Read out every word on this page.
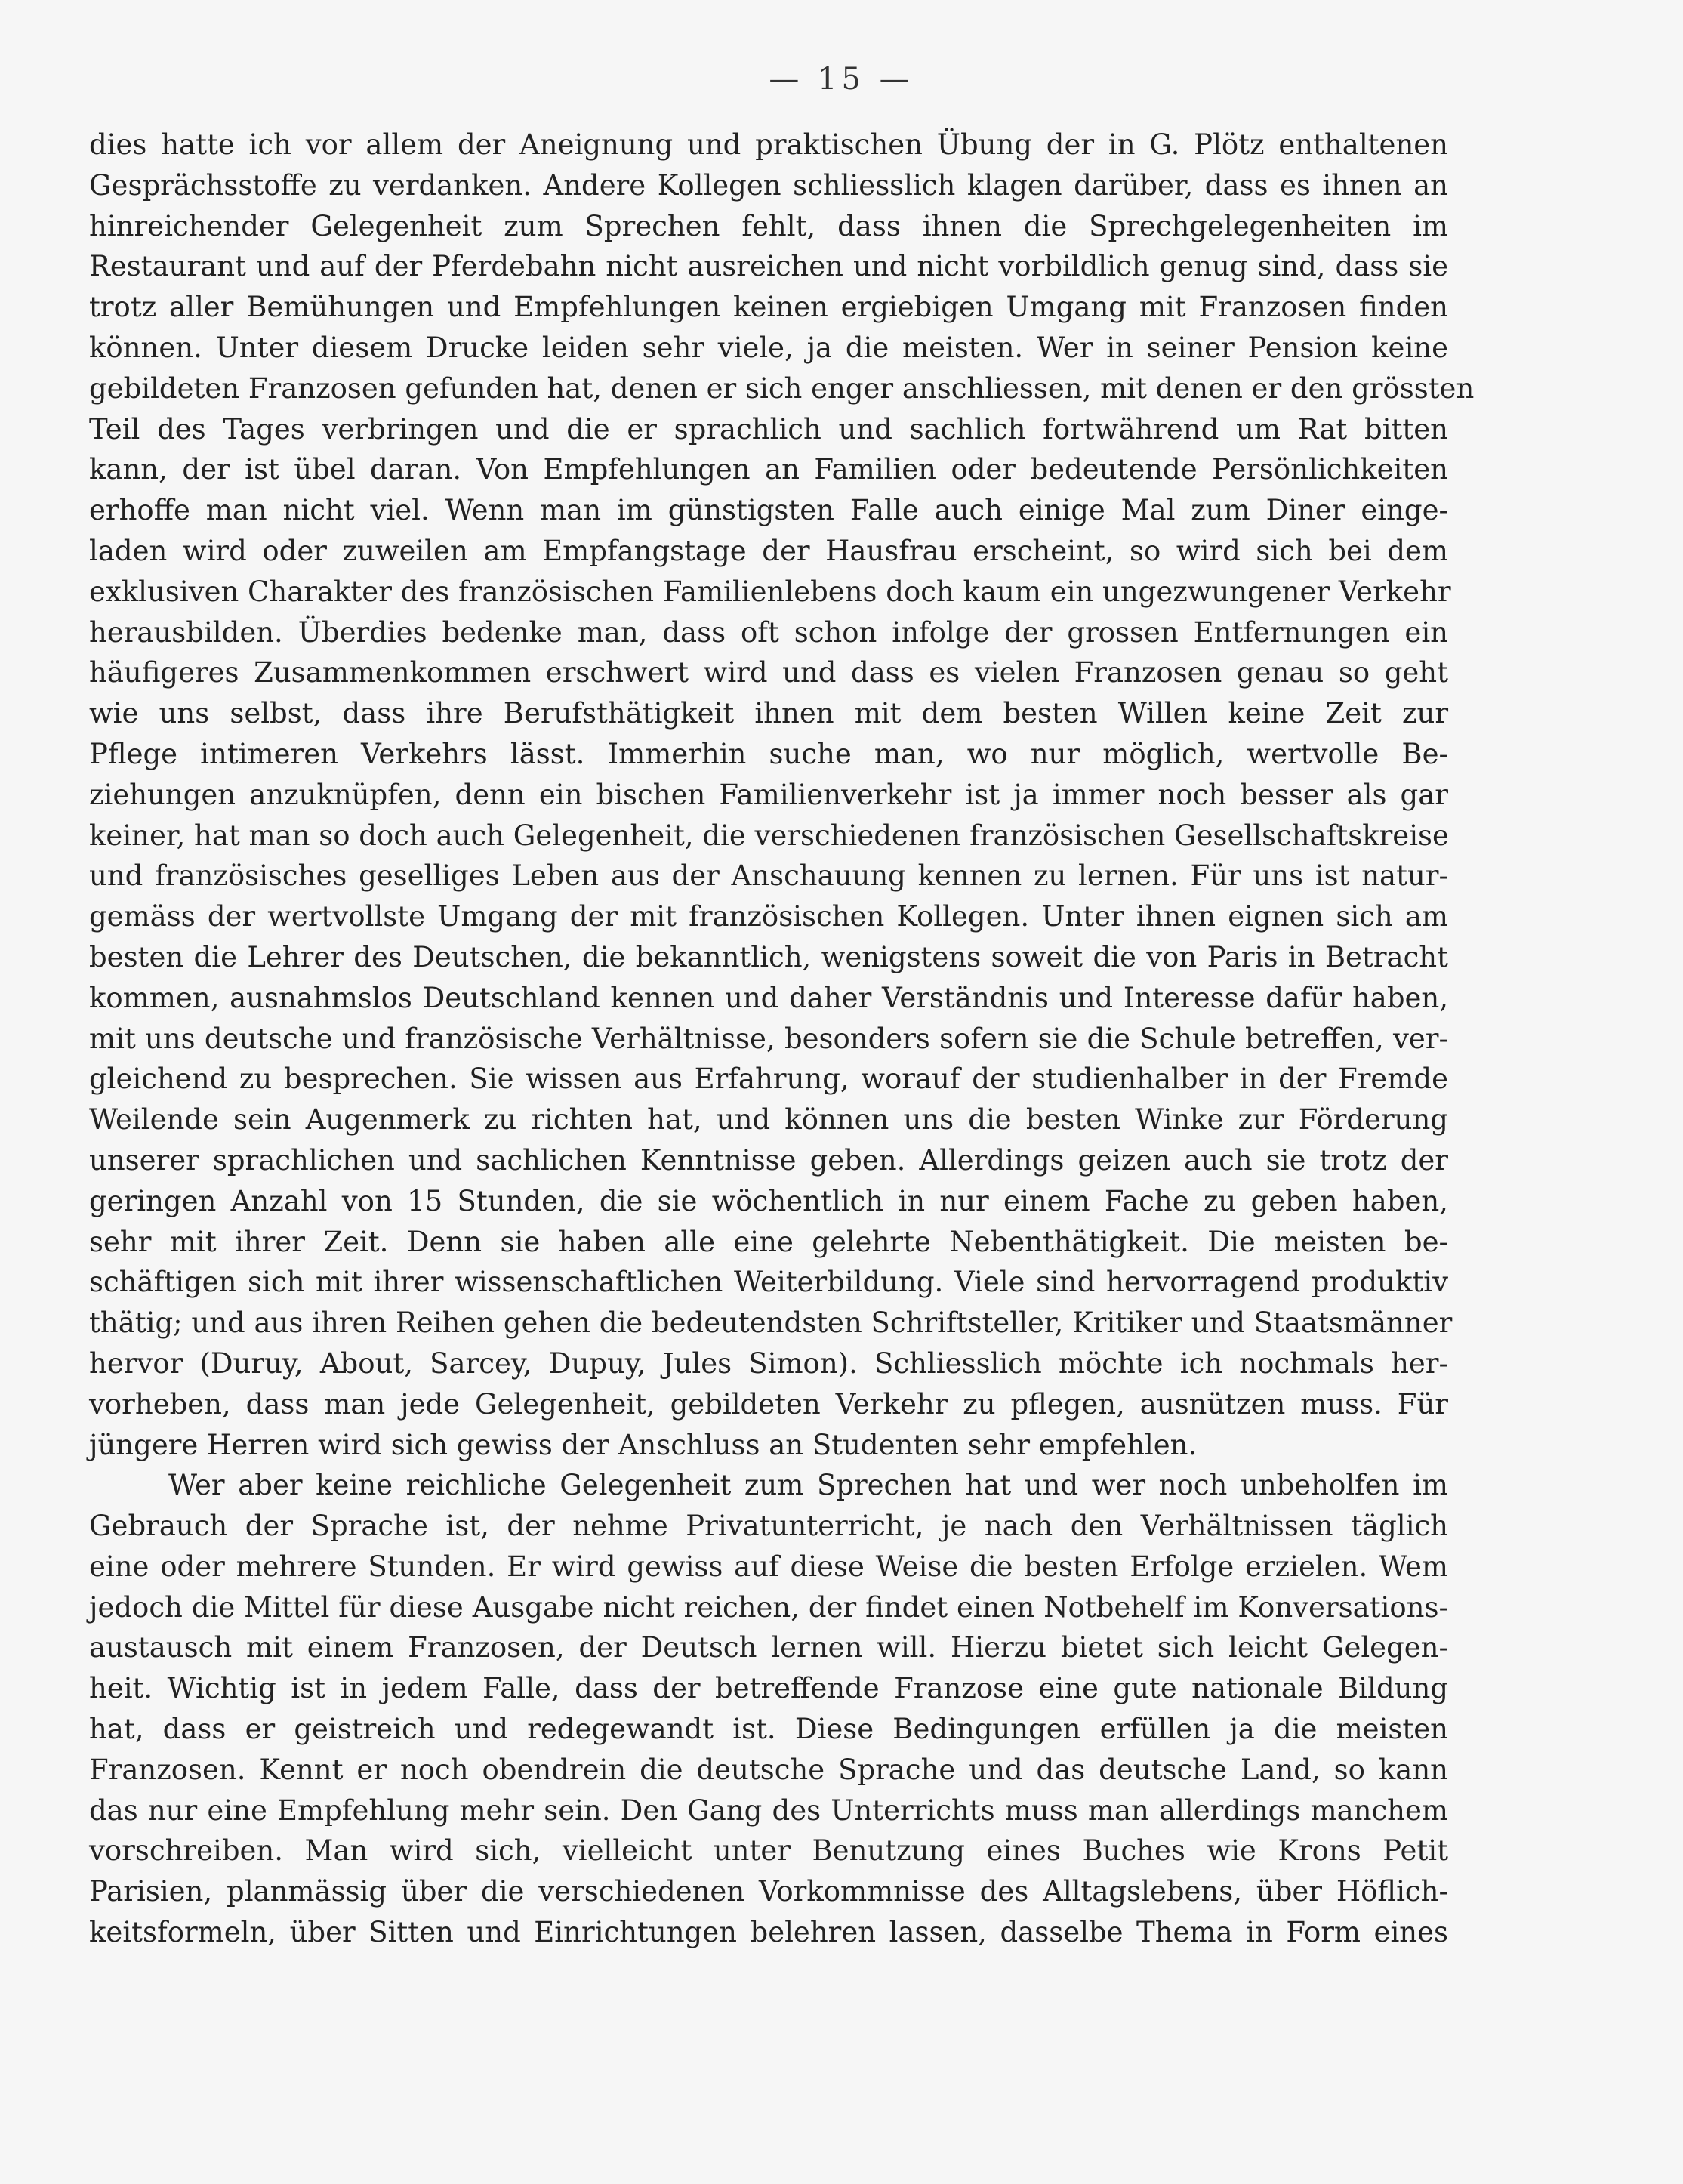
— 15 —
dies hatte ich vor allem der Aneignung und praktischen Übung der in G. Plötz enthaltenen
Gesprächsstoffe zu verdanken. Andere Kollegen schliesslich klagen darüber, dass es ihnen an
hinreichender Gelegenheit zum Sprechen fehlt, dass ihnen die Sprechgelegenheiten im
Restaurant und auf der Pferdebahn nicht ausreichen und nicht vorbildlich genug sind, dass sie
trotz aller Bemühungen und Empfehlungen keinen ergiebigen Umgang mit Franzosen finden
können. Unter diesem Drucke leiden sehr viele, ja die meisten. Wer in seiner Pension keine
gebildeten Franzosen gefunden hat, denen er sich enger anschliessen, mit denen er den grössten
Teil des Tages verbringen und die er sprachlich und sachlich fortwährend um Rat bitten
kann, der ist übel daran. Von Empfehlungen an Familien oder bedeutende Persönlichkeiten
erhoffe man nicht viel. Wenn man im günstigsten Falle auch einige Mal zum Diner einge-
laden wird oder zuweilen am Empfangstage der Hausfrau erscheint, so wird sich bei dem
exklusiven Charakter des französischen Familienlebens doch kaum ein ungezwungener Verkehr
herausbilden. Überdies bedenke man, dass oft schon infolge der grossen Entfernungen ein
häufigeres Zusammenkommen erschwert wird und dass es vielen Franzosen genau so geht
wie uns selbst, dass ihre Berufsthätigkeit ihnen mit dem besten Willen keine Zeit zur
Pflege intimeren Verkehrs lässt. Immerhin suche man, wo nur möglich, wertvolle Be-
ziehungen anzuknüpfen, denn ein bischen Familienverkehr ist ja immer noch besser als gar
keiner, hat man so doch auch Gelegenheit, die verschiedenen französischen Gesellschaftskreise
und französisches geselliges Leben aus der Anschauung kennen zu lernen. Für uns ist natur-
gemäss der wertvollste Umgang der mit französischen Kollegen. Unter ihnen eignen sich am
besten die Lehrer des Deutschen, die bekanntlich, wenigstens soweit die von Paris in Betracht
kommen, ausnahmslos Deutschland kennen und daher Verständnis und Interesse dafür haben,
mit uns deutsche und französische Verhältnisse, besonders sofern sie die Schule betreffen, ver-
gleichend zu besprechen. Sie wissen aus Erfahrung, worauf der studienhalber in der Fremde
Weilende sein Augenmerk zu richten hat, und können uns die besten Winke zur Förderung
unserer sprachlichen und sachlichen Kenntnisse geben. Allerdings geizen auch sie trotz der
geringen Anzahl von 15 Stunden, die sie wöchentlich in nur einem Fache zu geben haben,
sehr mit ihrer Zeit. Denn sie haben alle eine gelehrte Nebenthätigkeit. Die meisten be-
schäftigen sich mit ihrer wissenschaftlichen Weiterbildung. Viele sind hervorragend produktiv
thätig; und aus ihren Reihen gehen die bedeutendsten Schriftsteller, Kritiker und Staatsmänner
hervor (Duruy, About, Sarcey, Dupuy, Jules Simon). Schliesslich möchte ich nochmals her-
vorheben, dass man jede Gelegenheit, gebildeten Verkehr zu pflegen, ausnützen muss. Für
jüngere Herren wird sich gewiss der Anschluss an Studenten sehr empfehlen.
Wer aber keine reichliche Gelegenheit zum Sprechen hat und wer noch unbeholfen im
Gebrauch der Sprache ist, der nehme Privatunterricht, je nach den Verhältnissen täglich
eine oder mehrere Stunden. Er wird gewiss auf diese Weise die besten Erfolge erzielen. Wem
jedoch die Mittel für diese Ausgabe nicht reichen, der findet einen Notbehelf im Konversations-
austausch mit einem Franzosen, der Deutsch lernen will. Hierzu bietet sich leicht Gelegen-
heit. Wichtig ist in jedem Falle, dass der betreffende Franzose eine gute nationale Bildung
hat, dass er geistreich und redegewandt ist. Diese Bedingungen erfüllen ja die meisten
Franzosen. Kennt er noch obendrein die deutsche Sprache und das deutsche Land, so kann
das nur eine Empfehlung mehr sein. Den Gang des Unterrichts muss man allerdings manchem
vorschreiben. Man wird sich, vielleicht unter Benutzung eines Buches wie Krons Petit
Parisien, planmässig über die verschiedenen Vorkommnisse des Alltagslebens, über Höflich-
keitsformeln, über Sitten und Einrichtungen belehren lassen, dasselbe Thema in Form eines
